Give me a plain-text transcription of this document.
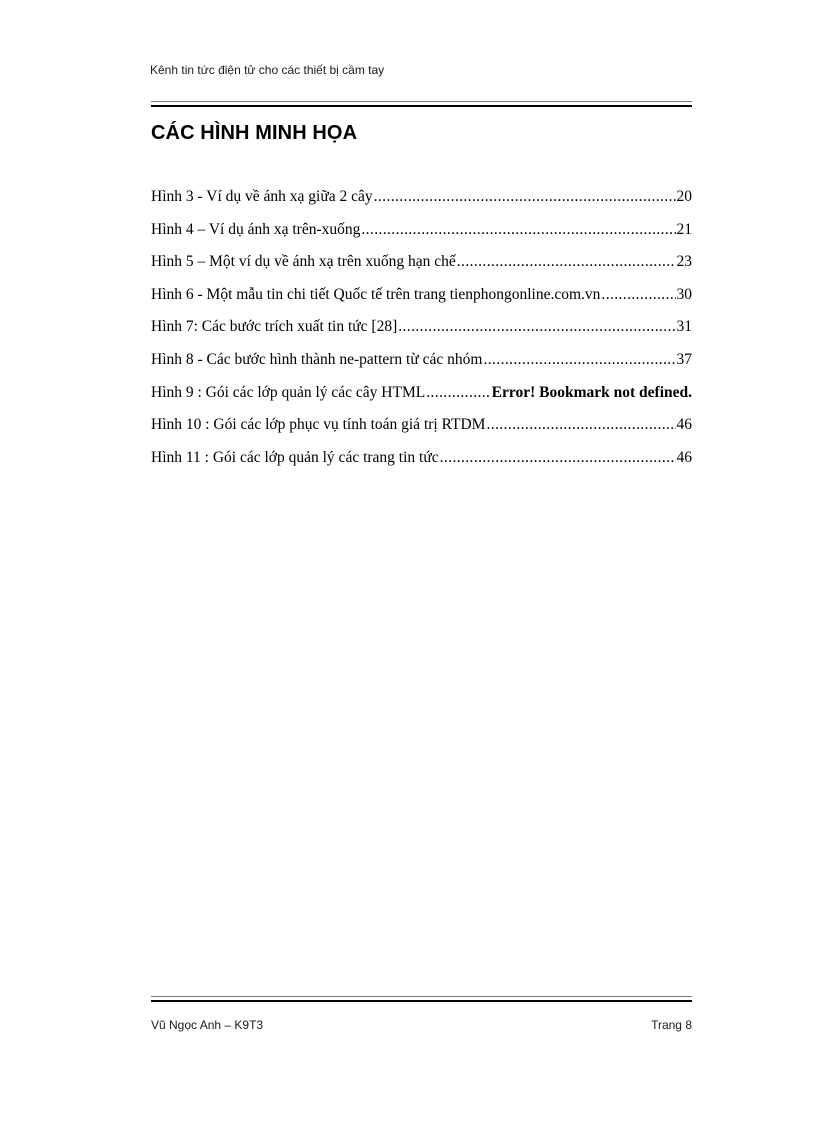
Kênh tin tức điện tử cho các thiết bị cầm tay
CÁC HÌNH MINH HỌA
Hình 3 - Ví dụ về ánh xạ giữa 2 cây .....	20
Hình 4 – Ví dụ ánh xạ trên-xuống .....	21
Hình 5 – Một ví dụ về ánh xạ trên xuống hạn chế .....	23
Hình 6 - Một mẫu tin chi tiết Quốc tế trên trang tienphongonline.com.vn .....	30
Hình 7: Các bước trích xuất tin tức [28] .....	31
Hình 8 - Các bước hình thành ne-pattern từ các nhóm .....	37
Hình 9 : Gói các lớp quản lý các cây HTML .....	Error! Bookmark not defined.
Hình 10 : Gói các lớp phục vụ tính toán giá trị RTDM .....	46
Hình 11 : Gói các lớp quản lý các trang tin tức .....	46
Vũ Ngọc Anh – K9T3	Trang 8
